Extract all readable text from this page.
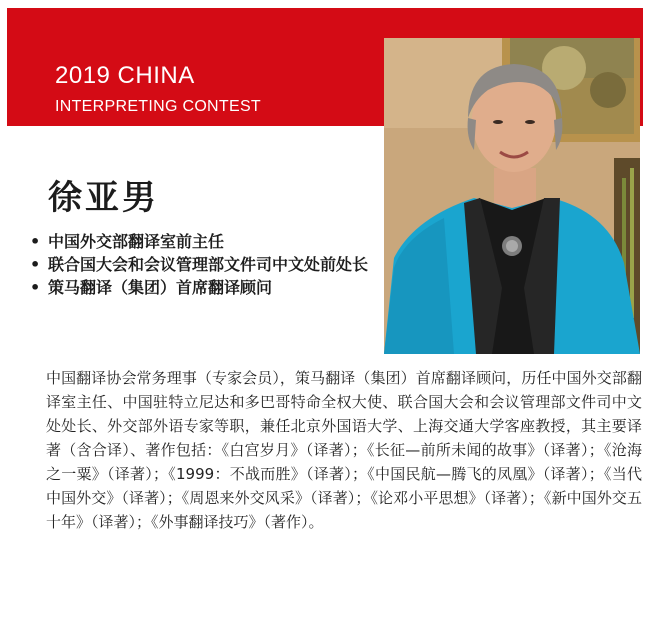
2019 CHINA
INTERPRETING CONTEST
徐亚男
• 中国外交部翻译室前主任
• 联合国大会和会议管理部文件司中文处前处长
• 策马翻译（集团）首席翻译顾问

中国翻译协会常务理事（专家会员），策马翻译（集团）首席翻译顾问，历任中国外交部翻译室主任、中国驻特立尼达和多巴哥特命全权大使、联合国大会和会议管理部文件司中文处处长、外交部外语专家等职，兼任北京外国语大学、上海交通大学客座教授，其主要译著（含合译）、著作包括：《白宫岁月》（译著）；《长征—前所未闻的故事》（译著）；《沧海之一粟》（译著）；《1999：不战而胜》（译著）；《中国民航—腾飞的凤凰》（译著）；《当代中国外交》（译著）；《周恩来外交风采》（译著）；《论邓小平思想》（译著）；《新中国外交五十年》（译著）；《外事翻译技巧》（著作）。
